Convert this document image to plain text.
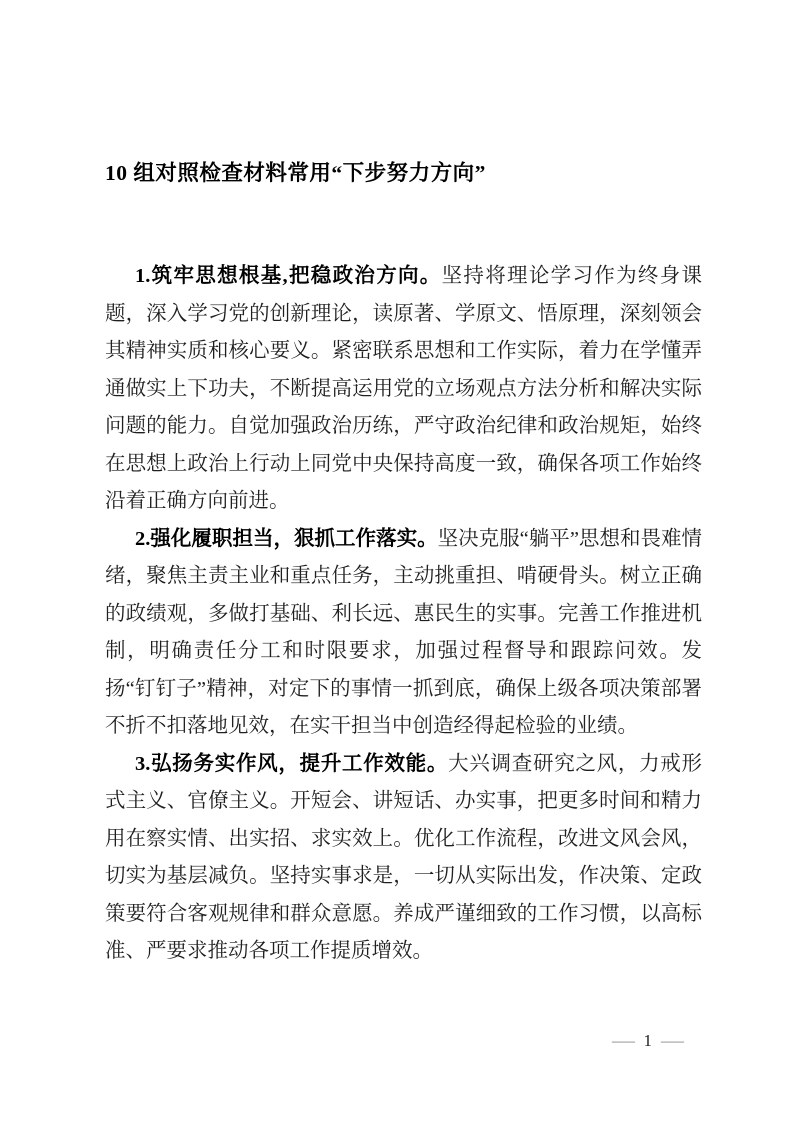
10 组对照检查材料常用“下步努力方向”

1.筑牢思想根基,把稳政治方向。坚持将理论学习作为终身课题，深入学习党的创新理论，读原著、学原文、悟原理，深刻领会其精神实质和核心要义。紧密联系思想和工作实际，着力在学懂弄通做实上下功夫，不断提高运用党的立场观点方法分析和解决实际问题的能力。自觉加强政治历练，严守政治纪律和政治规矩，始终在思想上政治上行动上同党中央保持高度一致，确保各项工作始终沿着正确方向前进。

2.强化履职担当，狠抓工作落实。坚决克服“躺平”思想和畏难情绪，聚焦主责主业和重点任务，主动挑重担、啃硬骨头。树立正确的政绩观，多做打基础、利长远、惠民生的实事。完善工作推进机制，明确责任分工和时限要求，加强过程督导和跟踪问效。发扬“钉钉子”精神，对定下的事情一抓到底，确保上级各项决策部署不折不扣落地见效，在实干担当中创造经得起检验的业绩。

3.弘扬务实作风，提升工作效能。大兴调查研究之风，力戒形式主义、官僚主义。开短会、讲短话、办实事，把更多时间和精力用在察实情、出实招、求实效上。优化工作流程，改进文风会风，切实为基层减负。坚持实事求是，一切从实际出发，作决策、定政策要符合客观规律和群众意愿。养成严谨细致的工作习惯，以高标准、严要求推动各项工作提质增效。

— 1 —
